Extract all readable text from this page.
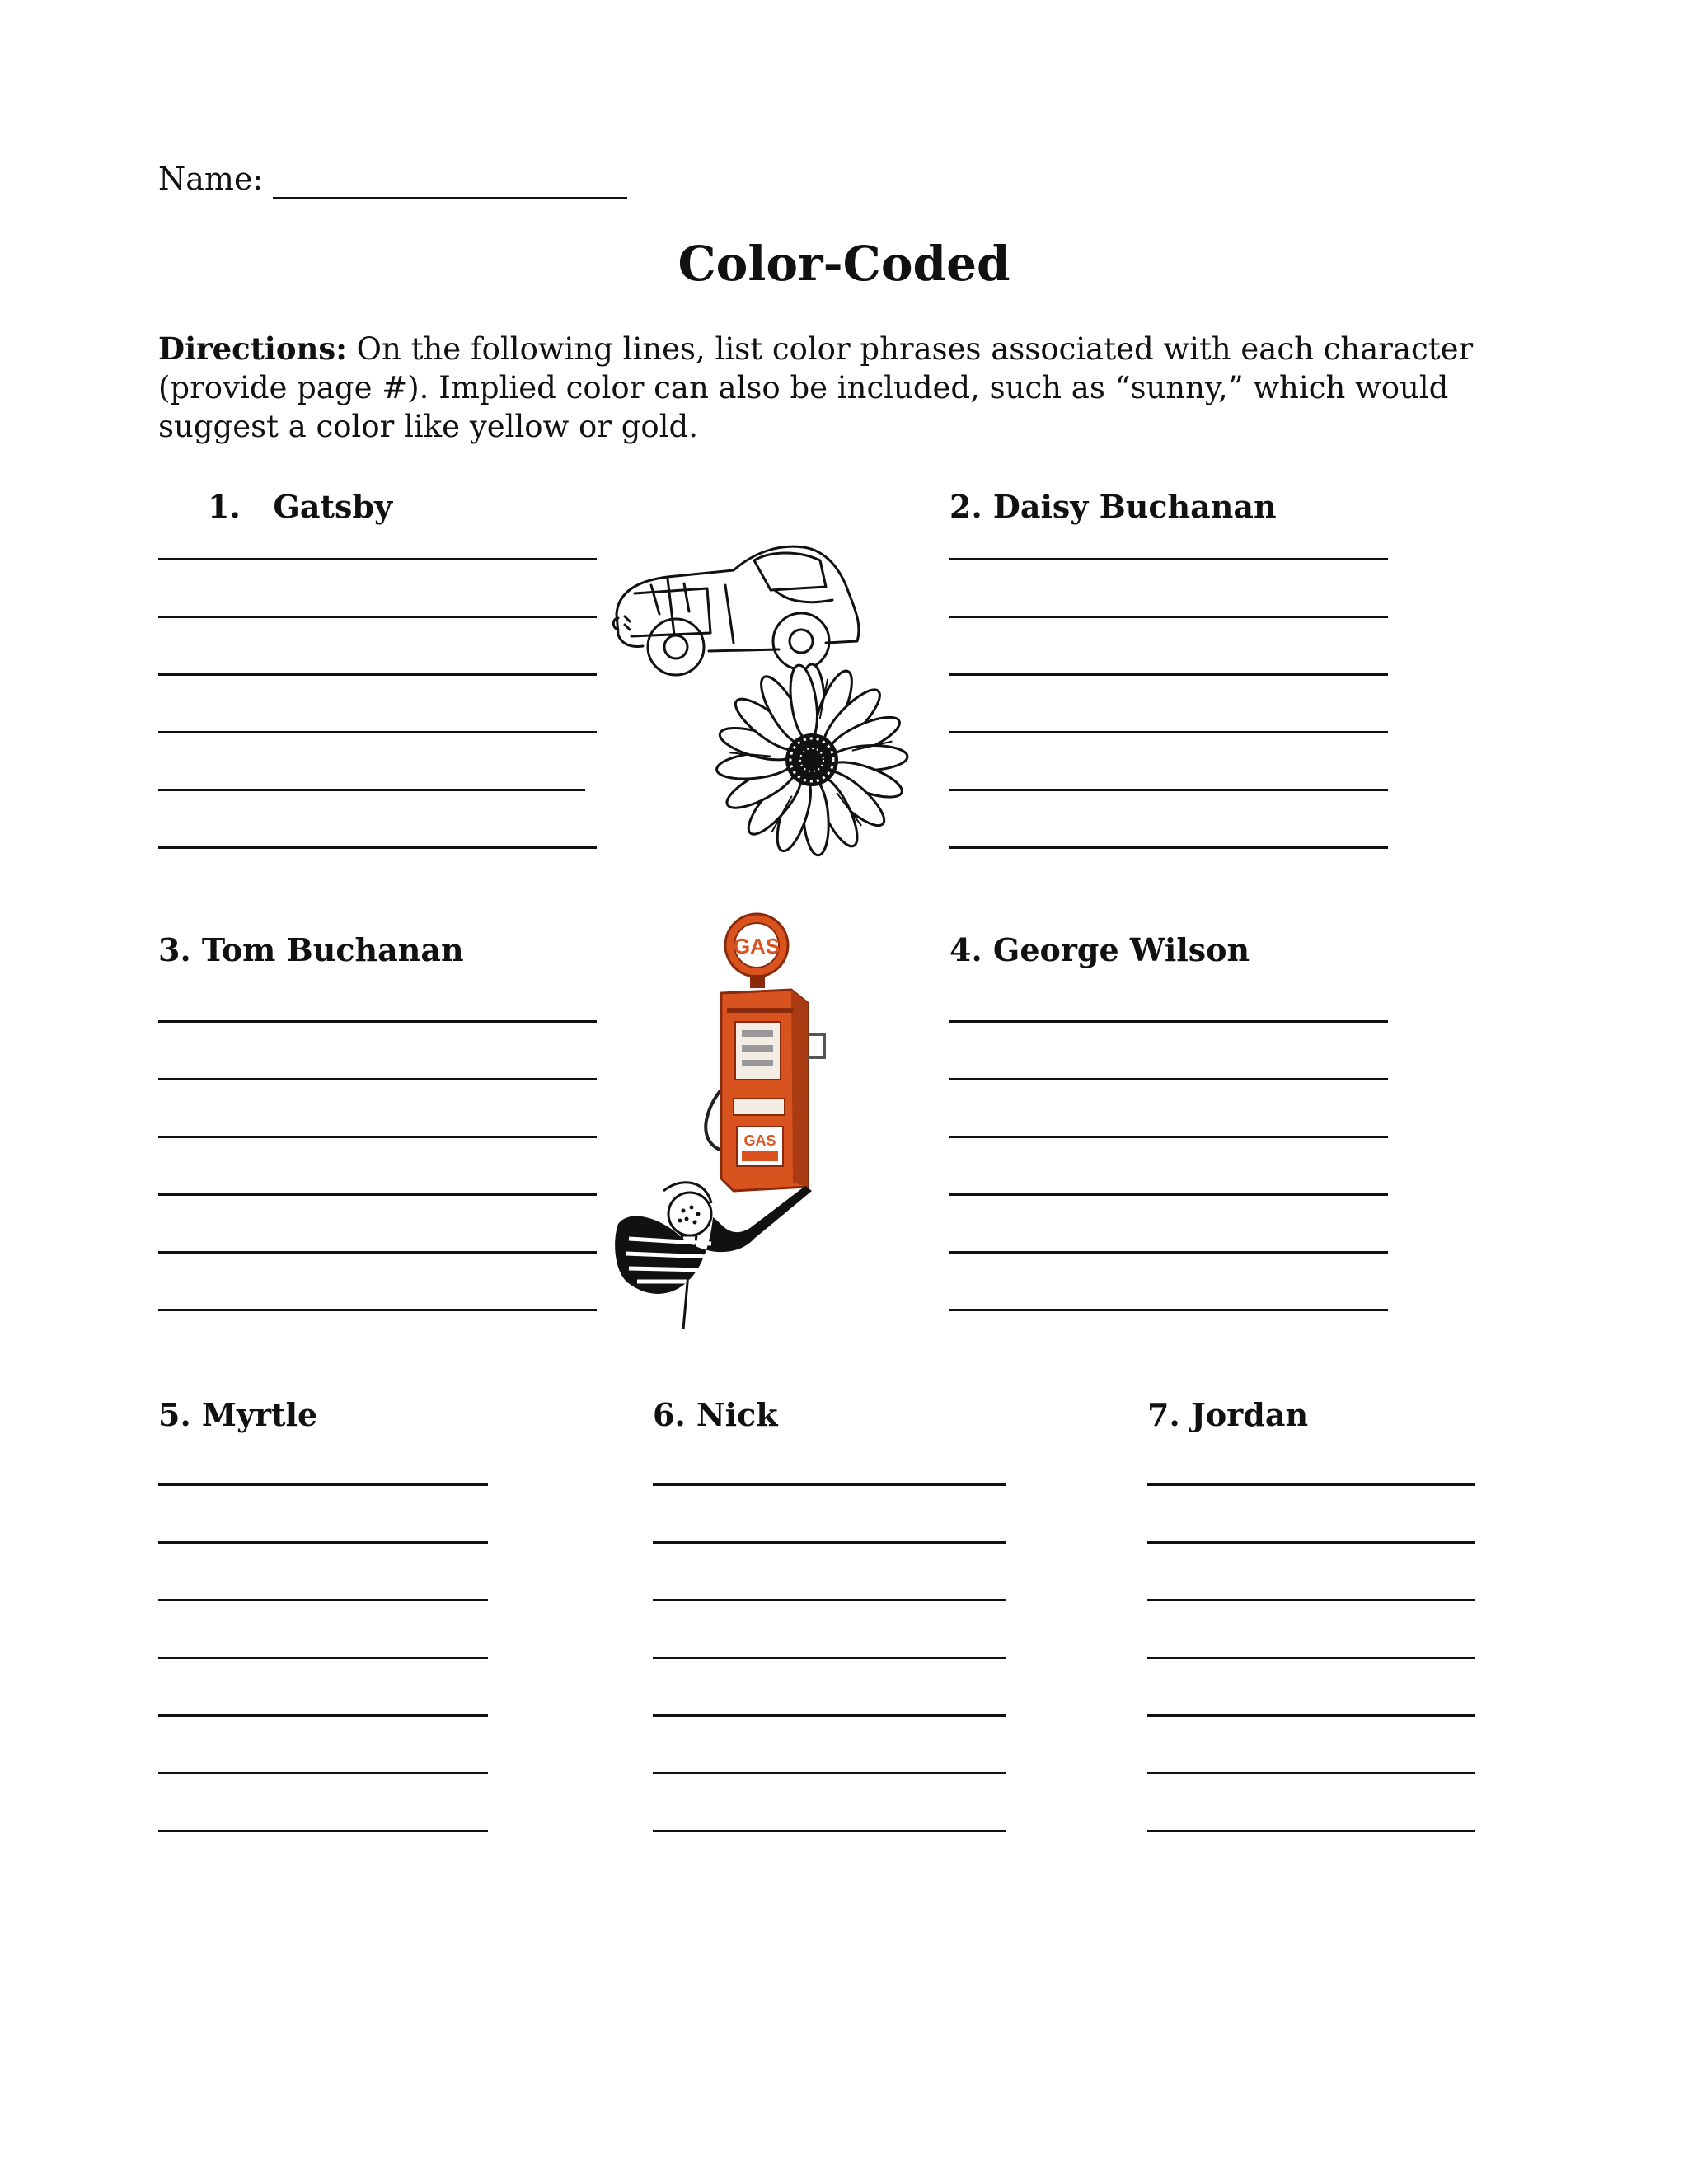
Name:
Color-Coded
Directions: On the following lines, list color phrases associated with each character (provide page #). Implied color can also be included, such as “sunny,” which would suggest a color like yellow or gold.
1. Gatsby	2. Daisy Buchanan
3. Tom Buchanan	4. George Wilson
5. Myrtle	6. Nick	7. Jordan
GAS
GAS
